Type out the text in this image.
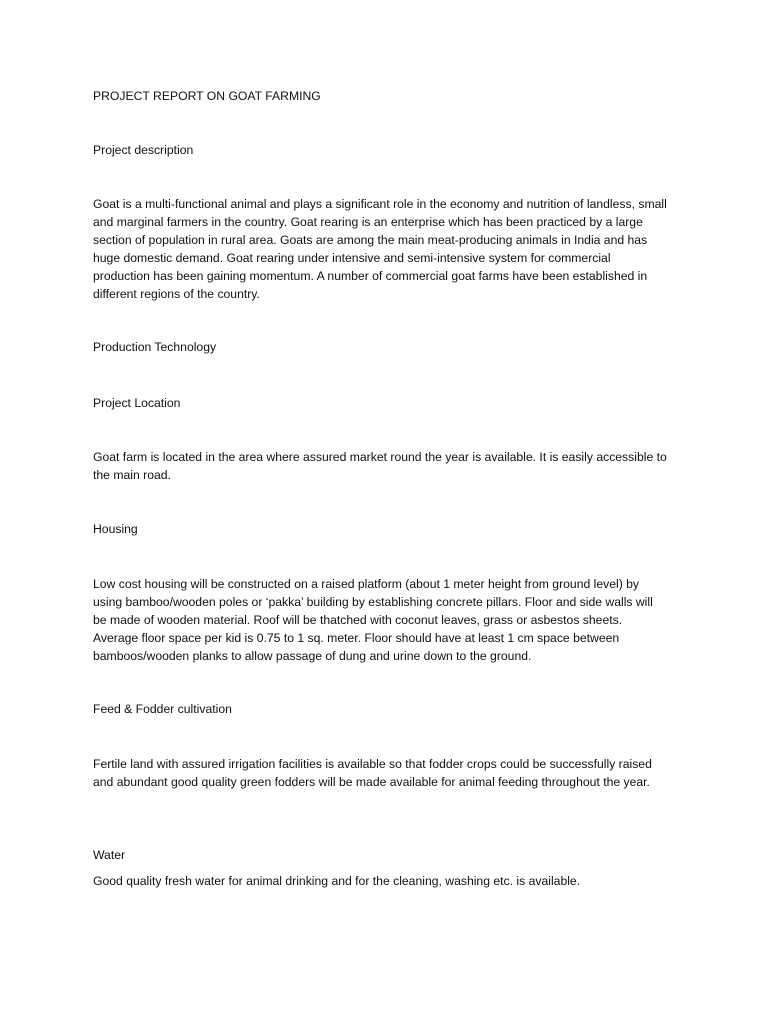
PROJECT REPORT ON GOAT FARMING
Project description

Goat is a multi-functional animal and plays a significant role in the economy and nutrition of landless, small and marginal farmers in the country. Goat rearing is an enterprise which has been practiced by a large section of population in rural area. Goats are among the main meat-producing animals in India and has huge domestic demand. Goat rearing under intensive and semi-intensive system for commercial production has been gaining momentum. A number of commercial goat farms have been established in different regions of the country.

Production Technology
Project Location

Goat farm is located in the area where assured market round the year is available. It is easily accessible to the main road.

Housing

Low cost housing will be constructed on a raised platform (about 1 meter height from ground level) by using bamboo/wooden poles or ‘pakka’ building by establishing concrete pillars. Floor and side walls will be made of wooden material. Roof will be thatched with coconut leaves, grass or asbestos sheets. Average floor space per kid is 0.75 to 1 sq. meter. Floor should have at least 1 cm space between bamboos/wooden planks to allow passage of dung and urine down to the ground.

Feed & Fodder cultivation

Fertile land with assured irrigation facilities is available so that fodder crops could be successfully raised and abundant good quality green fodders will be made available for animal feeding throughout the year.

Water

Good quality fresh water for animal drinking and for the cleaning, washing etc. is available.
